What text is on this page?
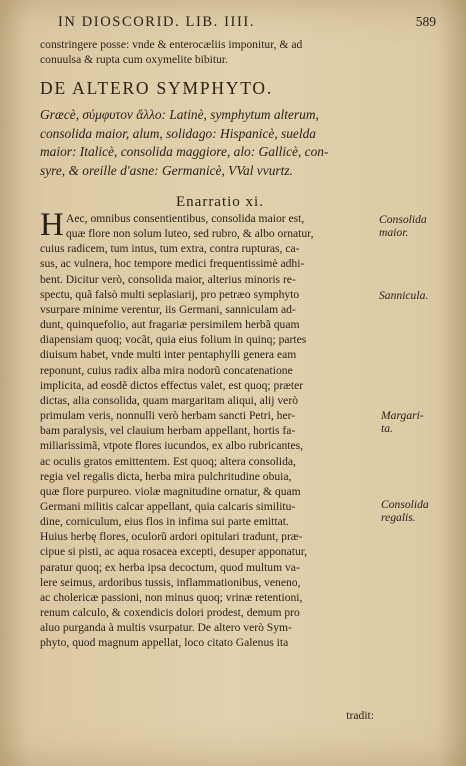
IN DIOSCORID. LIB. IIII.	589
constringere posse: vnde & enterocæliis imponitur, & ad
conuulsa & rupta cum oxymelite bibitur.
DE ALTERO SYMPHYTO.
Græcè, σύμφυτον ἄλλο: Latinè, symphytum alterum,
consolida maior, alum, solidago: Hispanicè, suelda
maior: Italicè, consolida maggiore, alo: Gallicè, con-
syre, & oreille d'asne: Germanicè, VVal vvurtz.
Enarratio xi.
H Aec, omnibus consentientibus, consolida maior est,
quæ flore non solum luteo, sed rubro, & albo ornatur,
cuius radicem, tum intus, tum extra, contra rupturas, ca-
sus, ac vulnera, hoc tempore medici frequentissimè adhi-
bent. Dicitur verò, consolida maior, alterius minoris re-
spectu, quã falsò multi seplasiarij, pro petræo symphyto
vsurpare minime verentur, iis Germani, sanniculam ad-
dunt, quinquefolio, aut fragariæ persimilem herbã quam
diapensiam quoq; vocãt, quia eius folium in quinq; partes
diuisum habet, vnde multi inter pentaphylli genera eam
reponunt, cuius radix alba mira nodorũ concatenatione
implicita, ad eosdẽ dictos effectus valet, est quoq; præter
dictas, alia consolida, quam margaritam aliqui, alij verò
primulam veris, nonnulli verò herbam sancti Petri, her-
bam paralysis, vel clauium herbam appellant, hortis fa-
miliarissimã, vtpote flores iucundos, ex albo rubricantes,
ac oculis gratos emittentem. Est quoq; altera consolida,
regia vel regalis dicta, herba mira pulchritudine obuia,
quæ flore purpureo. violæ magnitudine ornatur, & quam
Germani militis calcar appellant, quia calcaris similitu-
dine, corniculum, eius flos in infima sui parte emittat.
Huius herbę flores, oculorũ ardori opitulari tradunt, præ-
cipue si pisti, ac aqua rosacea excepti, desuper apponatur,
paratur quoq; ex herba ipsa decoctum, quod multum va-
lere seimus, ardoribus tussis, inflammationibus, veneno,
ac cholericæ passioni, non minus quoq; vrinæ retentioni,
renum calculo, & coxendicis dolori prodest, demum pro
aluo purganda à multis vsurpatur. De altero verò Sym-
phyto, quod magnum appellat, loco citato Galenus ita
tradit:
Consolida
maior.
Sannicula.
Margari-
ta.
Consolida
regalis.
